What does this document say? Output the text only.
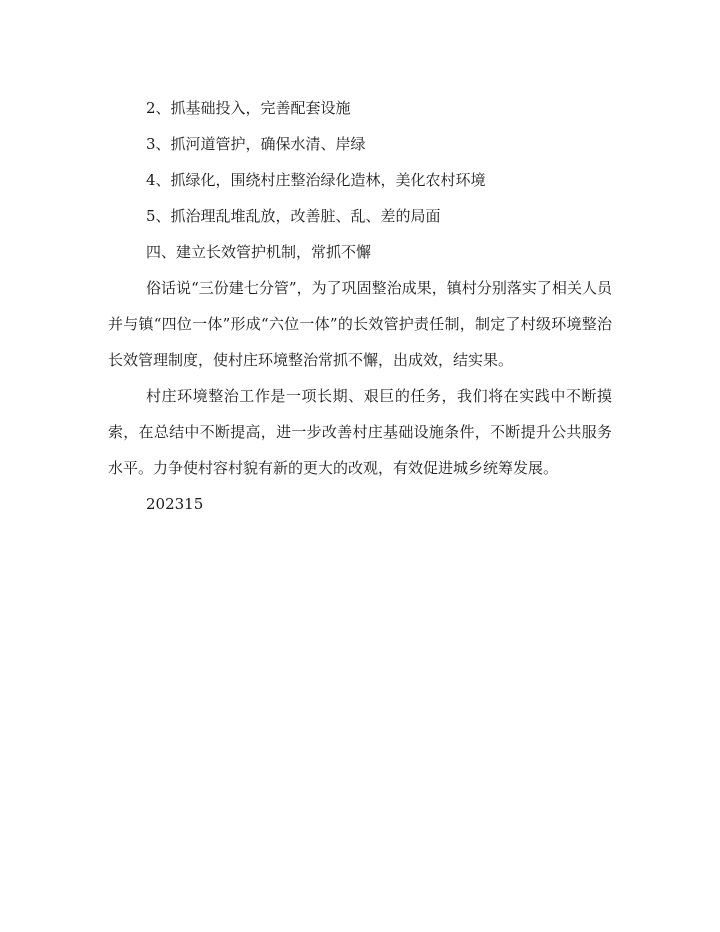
2、抓基础投入，完善配套设施

3、抓河道管护，确保水清、岸绿

4、抓绿化，围绕村庄整治绿化造林，美化农村环境

5、抓治理乱堆乱放，改善脏、乱、差的局面

四、建立长效管护机制，常抓不懈

俗话说“三份建七分管”，为了巩固整治成果，镇村分别落实了相关人员并与镇“四位一体”形成“六位一体”的长效管护责任制，制定了村级环境整治长效管理制度，使村庄环境整治常抓不懈，出成效，结实果。

村庄环境整治工作是一项长期、艰巨的任务，我们将在实践中不断摸索，在总结中不断提高，进一步改善村庄基础设施条件，不断提升公共服务水平。力争使村容村貌有新的更大的改观，有效促进城乡统筹发展。

202315
